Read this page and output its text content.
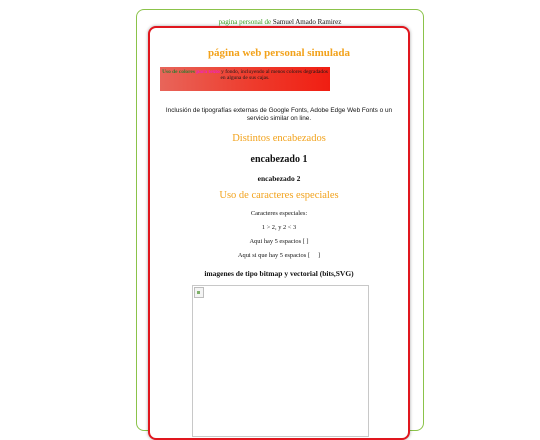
pagina personal de Samuel Amado Ramirez
página web personal simulada
Uso de colores para texto y fondo, incluyendo al menos colores degradados en alguna de sus cajas.
Inclusión de tipografías externas de Google Fonts, Adobe Edge Web Fonts o un servicio similar on line.
Distintos encabezados
encabezado 1
encabezado 2
Uso de caracteres especiales
Caracteres especiales:
1 > 2, y 2 < 3
Aqui hay 5 espacios [ ]
Aqui si que hay 5 espacios [     ]
imagenes de tipo bitmap y vectorial (bits,SVG)
